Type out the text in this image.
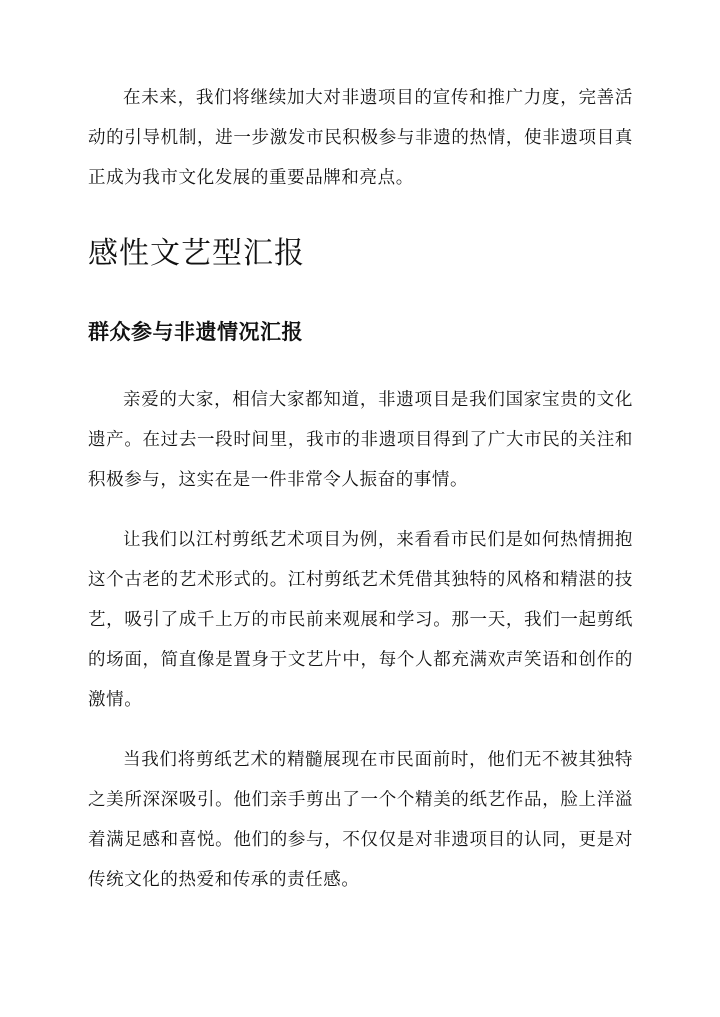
在未来，我们将继续加大对非遗项目的宣传和推广力度，完善活动的引导机制，进一步激发市民积极参与非遗的热情，使非遗项目真正成为我市文化发展的重要品牌和亮点。

感性文艺型汇报
群众参与非遗情况汇报

亲爱的大家，相信大家都知道，非遗项目是我们国家宝贵的文化遗产。在过去一段时间里，我市的非遗项目得到了广大市民的关注和积极参与，这实在是一件非常令人振奋的事情。

让我们以江村剪纸艺术项目为例，来看看市民们是如何热情拥抱这个古老的艺术形式的。江村剪纸艺术凭借其独特的风格和精湛的技艺，吸引了成千上万的市民前来观展和学习。那一天，我们一起剪纸的场面，简直像是置身于文艺片中，每个人都充满欢声笑语和创作的激情。

当我们将剪纸艺术的精髓展现在市民面前时，他们无不被其独特之美所深深吸引。他们亲手剪出了一个个精美的纸艺作品，脸上洋溢着满足感和喜悦。他们的参与，不仅仅是对非遗项目的认同，更是对传统文化的热爱和传承的责任感。
